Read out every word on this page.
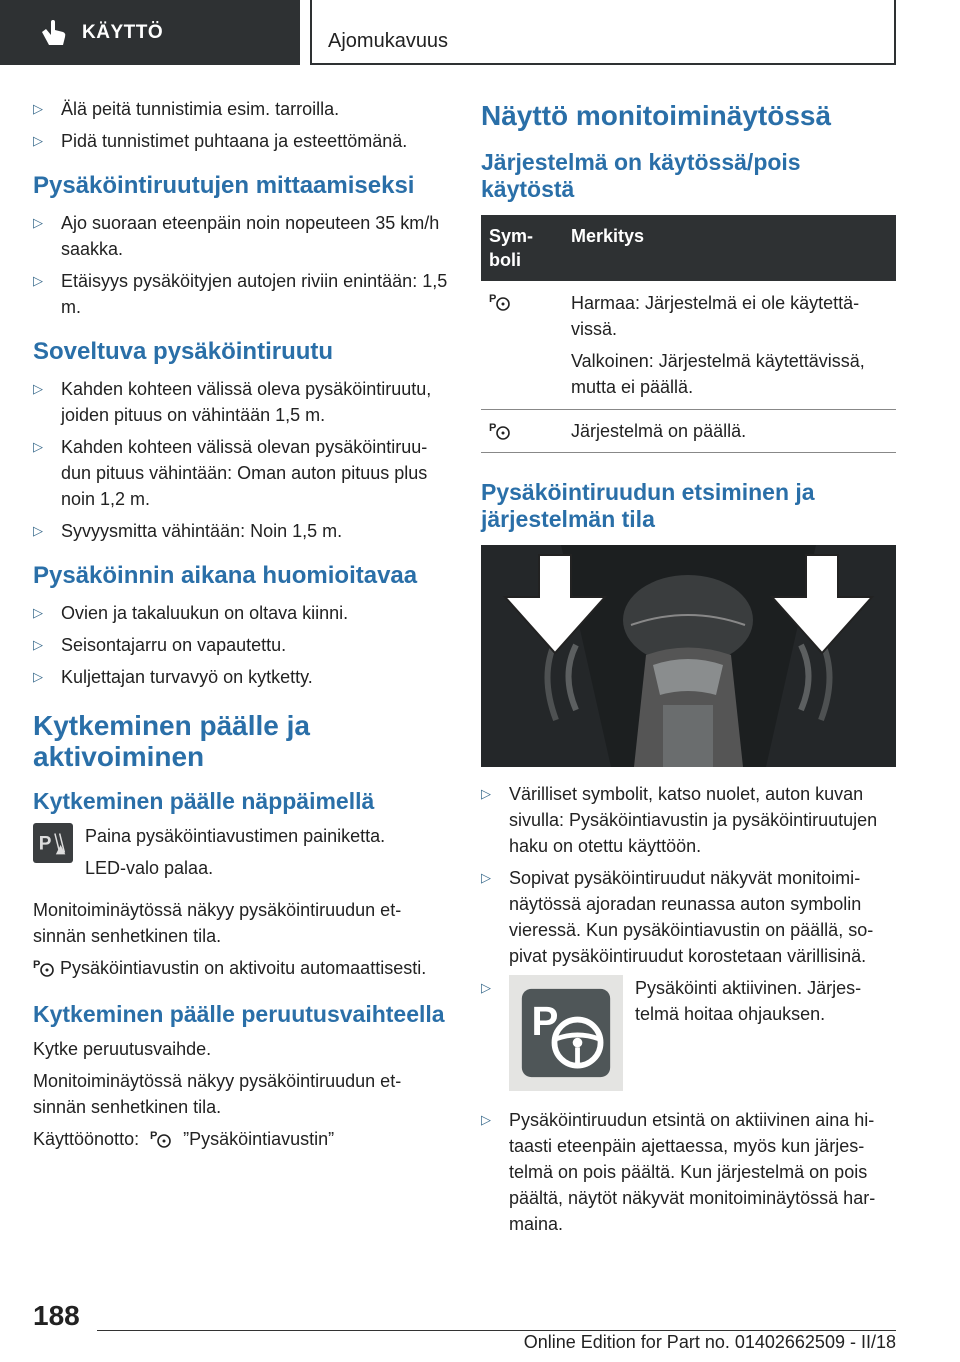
KÄYTTÖ	Ajomukavuus
▷ Älä peitä tunnistimia esim. tarroilla.
▷ Pidä tunnistimet puhtaana ja esteettömänä.
Pysäköintiruutujen mittaamiseksi
▷ Ajo suoraan eteenpäin noin nopeuteen 35 km/h saakka.
▷ Etäisyys pysäköityjen autojen riviin enintään: 1,5 m.
Soveltuva pysäköintiruutu
▷ Kahden kohteen välissä oleva pysäköintiruutu, joiden pituus on vähintään 1,5 m.
▷ Kahden kohteen välissä olevan pysäköintiruudun pituus vähintään: Oman auton pituus plus noin 1,2 m.
▷ Syvyysmitta vähintään: Noin 1,5 m.
Pysäköinnin aikana huomioitavaa
▷ Ovien ja takaluukun on oltava kiinni.
▷ Seisontajarru on vapautettu.
▷ Kuljettajan turvavyö on kytketty.
Kytkeminen päälle ja aktivoiminen
Kytkeminen päälle näppäimellä
P Paina pysäköintiavustimen painiketta.
LED-valo palaa.
Monitoiminäytössä näkyy pysäköintiruudun etsinnän senhetkinen tila.
P Pysäköintiavustin on aktivoitu automaattisesti.
Kytkeminen päälle peruutusvaihteella
Kytke peruutusvaihde.
Monitoiminäytössä näkyy pysäköintiruudun etsinnän senhetkinen tila.
Käyttöönotto: P ”Pysäköintiavustin”
Näyttö monitoiminäytössä
Järjestelmä on käytössä/pois käytöstä
Symboli	Merkitys

P	Harmaa: Järjestelmä ei ole käytettävissä.
Valkoinen: Järjestelmä käytettävissä, mutta ei päällä.

P	Järjestelmä on päällä.
Pysäköintiruudun etsiminen ja järjestelmän tila
▷ Värilliset symbolit, katso nuolet, auton kuvan sivulla: Pysäköintiavustin ja pysäköintiruutujen haku on otettu käyttöön.
▷ Sopivat pysäköintiruudut näkyvät monitoiminäytössä ajoradan reunassa auton symbolin vieressä. Kun pysäköintiavustin on päällä, sopivat pysäköintiruudut korostetaan värillisinä.
▷
P
Pysäköinti aktiivinen. Järjestelmä hoitaa ohjauksen.
▷ Pysäköintiruudun etsintä on aktiivinen aina hitaasti eteenpäin ajettaessa, myös kun järjestelmä on pois päältä. Kun järjestelmä on pois päältä, näytöt näkyvät monitoiminäytössä harmaina.
188
Online Edition for Part no. 01402662509 - II/18
